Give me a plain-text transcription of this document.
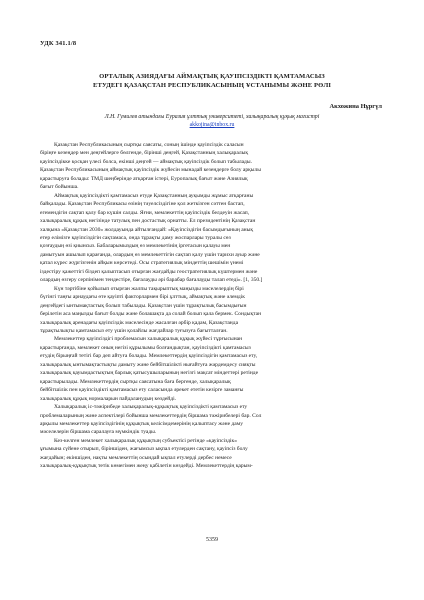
УДК 341.1/8
ОРТАЛЫҚ АЗИЯДАҒЫ АЙМАҚТЫҚ ҚАУІПСІЗДІКТІ ҚАМТАМАСЫЗ
ЕТУДЕГІ ҚАЗАҚСТАН РЕСПУБЛИКАСЫНЫҢ ҰСТАНЫМЫ ЖӘНЕ РӨЛІ
Акхожина Нұргүл
Л.Н. Гумилев атындағы Еуразия ұлттық университеті, халықаралық құқық магистрі
akkojina@inbox.ru

Қазақстан Республикасының сыртқы саясаты, соның ішінде қауіпсіздік саласын
біріңғе кезеңдер мен деңгейлерге бөлгенде, бірінші деңгей, Қазақстанның халықаралық
қауіпсіздікке қосқан үлесі болса, екінші деңгей — аймақтық қауіпсіздік болып табылады.
Қазақстан Республикасының аймақтық қауіпсіздік жүйесін мынадай кезеңдерге болу арқылы
қарастыруға болады: ТМД шеңберінде атқарған істері, Еуропалық бағыт және Азиялық
бағыт бойынша.

Аймақтық қауіпсіздікті қамтамасыз етуде Қазақстанның ауқымды жұмыс атқарғаны
байқалады. Қазақстан Республикасы өзінің тәуелсіздігіне қол жеткізген сәттен бастап,
егемендігін сақтап қалу бар күшін салды. Яғни, мемлекеттің қауіпсіздік белдеуін жасап,
халықаралық құқық негізінде татулық пен достастық орнатты. Ел президентінің Қазақстан
халқына «Қазақстан 2030» жолдауында айтылғандай: «Қауіпсіздігін басымдығының анық
етер елімізге қауіпсіздігін сақтамаса, онда тұрақты даму жоспарлары туралы сөз
қозғаудың өзі қиынсыз. Бабаларымыздың өз мемлекетінің іргетасын қалауы мен
дамытуын ашылып қарағанда, олардың өз мемлекеттігін сақтап қалу үшін тарихи ауыр және
қатал күрес жүргізгенін айқын көрсетеді. Осы стратегиялық міндеттің шешімін үнемі
іздестіру қажеттігі біздеп қалыптасып отырған жағдайды геостратегиялық күштермен және
олардың өзгеру серпінімен тендестіре, бағалауды әрі барабар бағалауды талап етеді». [1, 350.]

Күн тәртібіне қойылып отырған жалпы тақырыптық маңызды мәселелердің бірі
бүгінгі таңғы арнаудағы өте қауіпті факторлармен бірі ұлттық, аймақтық және әлемдік
деңгейдегі ынтымақтастық болып табылады. Қазақстан үшін тұрақтылық басымдығын
берілетін аса маңызды бағыт болды және болашақта да солай болып қала бермек. Сондықтан
халықаралық аренадағы қауіпсіздік мәселесінде жасалған әрбір қадам, Қазақстанда
тұрақтылықты қамтамасыз ету үшін қолайлы жағдайлар туғызуға бағытталған.

Мемлекеттер қауіпсіздігі проблемасын халықаралық құқық жүйесі тұрғысынан
қарастырғанда, мемлекет оның негізі құрылымы болғандықтан, қауіпсіздікті қамтамасыз
етудің бірыңғай тетігі бар деп айтуға болады. Мемлекеттердің қауіпсіздігін қамтамасыз ету,
халықаралық ынтымақтастықты дамыту және бейбітшілікті нығайтуға жәрдемдесу сияқты
халықаралық қауымдастықтың барлық қатысушыларының негізгі мақсат міндеттері ретінде
қарастырылады. Мемлекеттердің сыртқы саясатына баға бергенде, халықаралық
бейбітшілік пен қауіпсіздікті қамтамасыз ету саласында әрекет ететін кезірге заманғы
халықаралық құқық нормаларын пайдаланудың көздейді.

Халықаралық іс-тәжірибеде халықаралық-құқықтық қауіпсіздікті қамтамасыз ету
проблемаларының және аспектілері бойынша мемлекеттердің біршама тәжірибелері бар. Сол
арқылы мемлекеттер қауіпсіздігінің құқықтық келісімдемерінің қалыптасу және даму
мәселелерін біршама саралауға мүмкіндік туады.

Кез-келген мемлекет халықаралық құқықтың субъектісі ретінде «қауіпсіздік»
ұғымына сүйене отырып, біріншіден, жағымсыз ықпал етулерден сақтану, қауіпсіз болу
жағдайын; екіншіден, нақты мемлекеттің осындай ықпал етулерді дербес немесе
халықаралық-құқықтық тетік көмегімен жеңу қабілетін көздейді. Мемлекеттердің қарым-

5359
